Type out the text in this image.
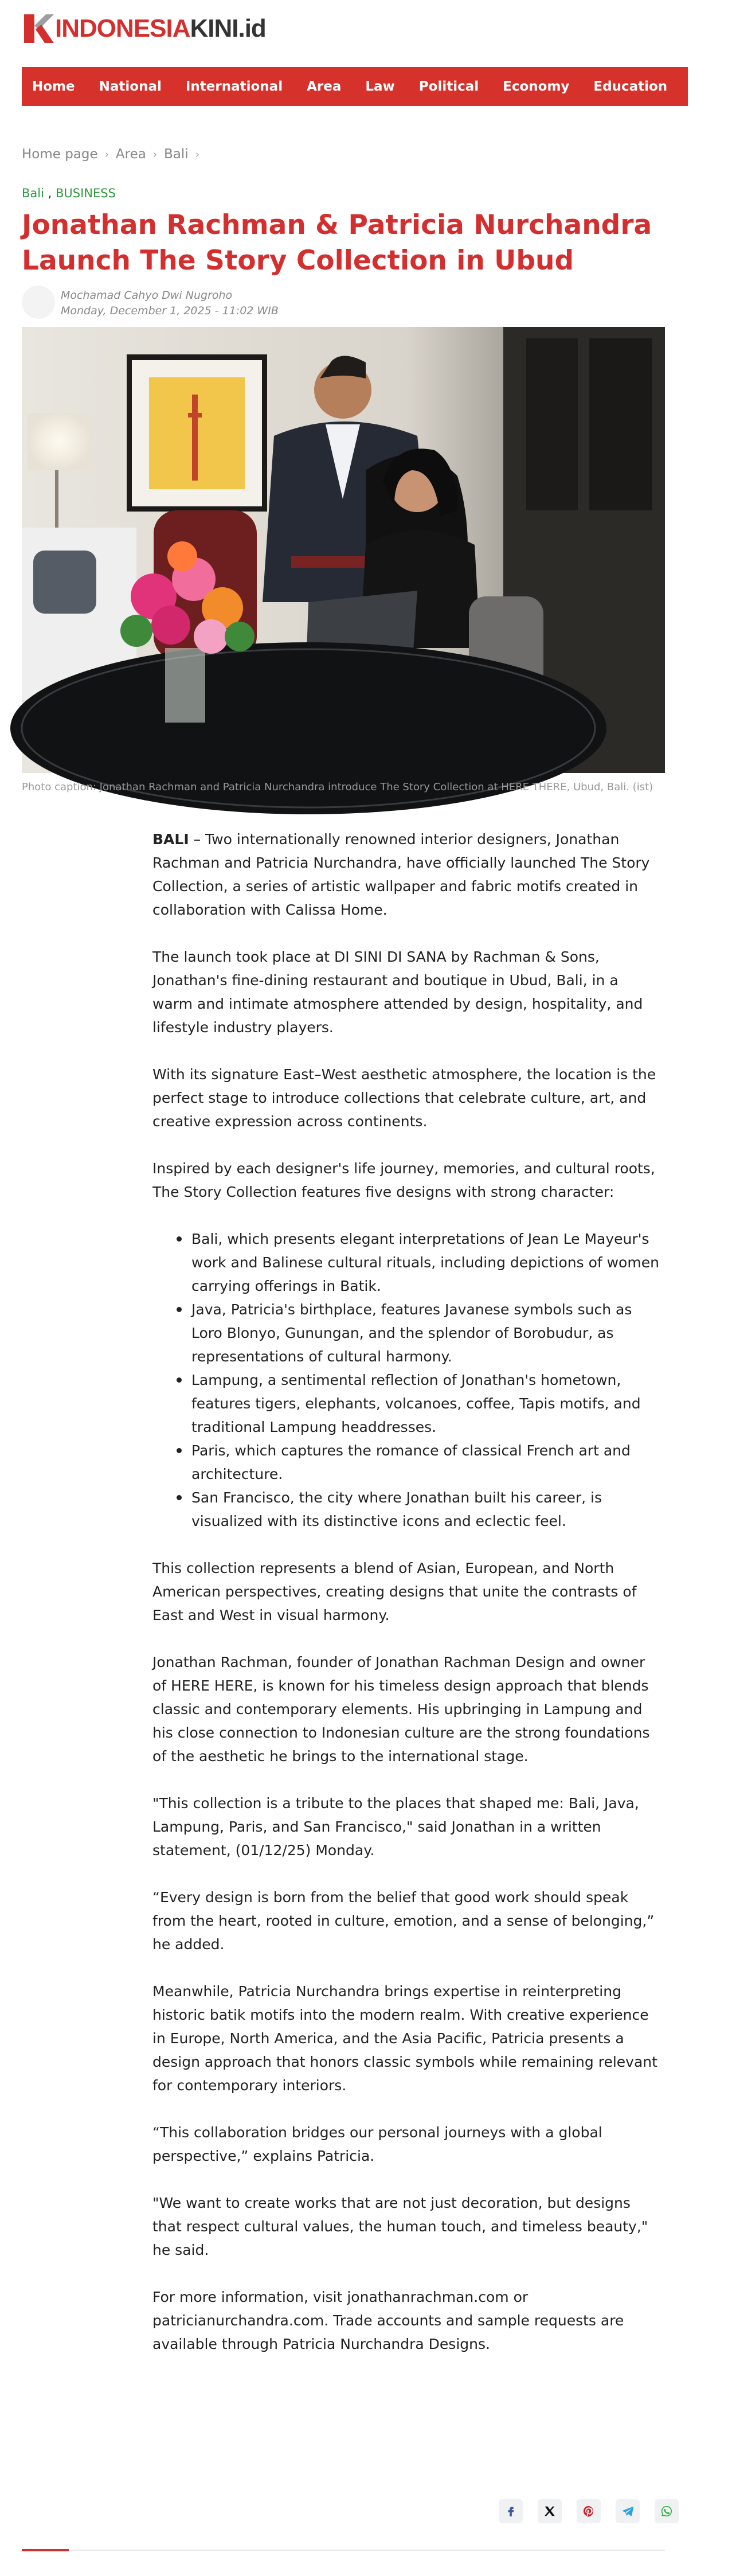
INDONESIAKINI.id
Home National International Area Law Political Economy Education Sport
Home page › Area › Bali ›
Bali , BUSINESS
Jonathan Rachman & Patricia Nurchandra Launch The Story Collection in Ubud
Mochamad Cahyo Dwi Nugroho
Monday, December 1, 2025 - 11:02 WIB
Photo caption: Jonathan Rachman and Patricia Nurchandra introduce The Story Collection at HERE THERE, Ubud, Bali. (ist)

BALI – Two internationally renowned interior designers, Jonathan Rachman and Patricia Nurchandra, have officially launched The Story Collection, a series of artistic wallpaper and fabric motifs created in collaboration with Calissa Home.

The launch took place at DI SINI DI SANA by Rachman & Sons, Jonathan's fine-dining restaurant and boutique in Ubud, Bali, in a warm and intimate atmosphere attended by design, hospitality, and lifestyle industry players.

With its signature East–West aesthetic atmosphere, the location is the perfect stage to introduce collections that celebrate culture, art, and creative expression across continents.

Inspired by each designer's life journey, memories, and cultural roots, The Story Collection features five designs with strong character:

Bali, which presents elegant interpretations of Jean Le Mayeur's work and Balinese cultural rituals, including depictions of women carrying offerings in Batik.
Java, Patricia's birthplace, features Javanese symbols such as Loro Blonyo, Gunungan, and the splendor of Borobudur, as representations of cultural harmony.
Lampung, a sentimental reflection of Jonathan's hometown, features tigers, elephants, volcanoes, coffee, Tapis motifs, and traditional Lampung headdresses.
Paris, which captures the romance of classical French art and architecture.
San Francisco, the city where Jonathan built his career, is visualized with its distinctive icons and eclectic feel.

This collection represents a blend of Asian, European, and North American perspectives, creating designs that unite the contrasts of East and West in visual harmony.

Jonathan Rachman, founder of Jonathan Rachman Design and owner of HERE HERE, is known for his timeless design approach that blends classic and contemporary elements. His upbringing in Lampung and his close connection to Indonesian culture are the strong foundations of the aesthetic he brings to the international stage.

"This collection is a tribute to the places that shaped me: Bali, Java, Lampung, Paris, and San Francisco," said Jonathan in a written statement, (01/12/25) Monday.

“Every design is born from the belief that good work should speak from the heart, rooted in culture, emotion, and a sense of belonging,” he added.

Meanwhile, Patricia Nurchandra brings expertise in reinterpreting historic batik motifs into the modern realm. With creative experience in Europe, North America, and the Asia Pacific, Patricia presents a design approach that honors classic symbols while remaining relevant for contemporary interiors.

“This collaboration bridges our personal journeys with a global perspective,” explains Patricia.

"We want to create works that are not just decoration, but designs that respect cultural values, the human touch, and timeless beauty," he said.

For more information, visit jonathanrachman.com or patricianurchandra.com. Trade accounts and sample requests are available through Patricia Nurchandra Designs.
